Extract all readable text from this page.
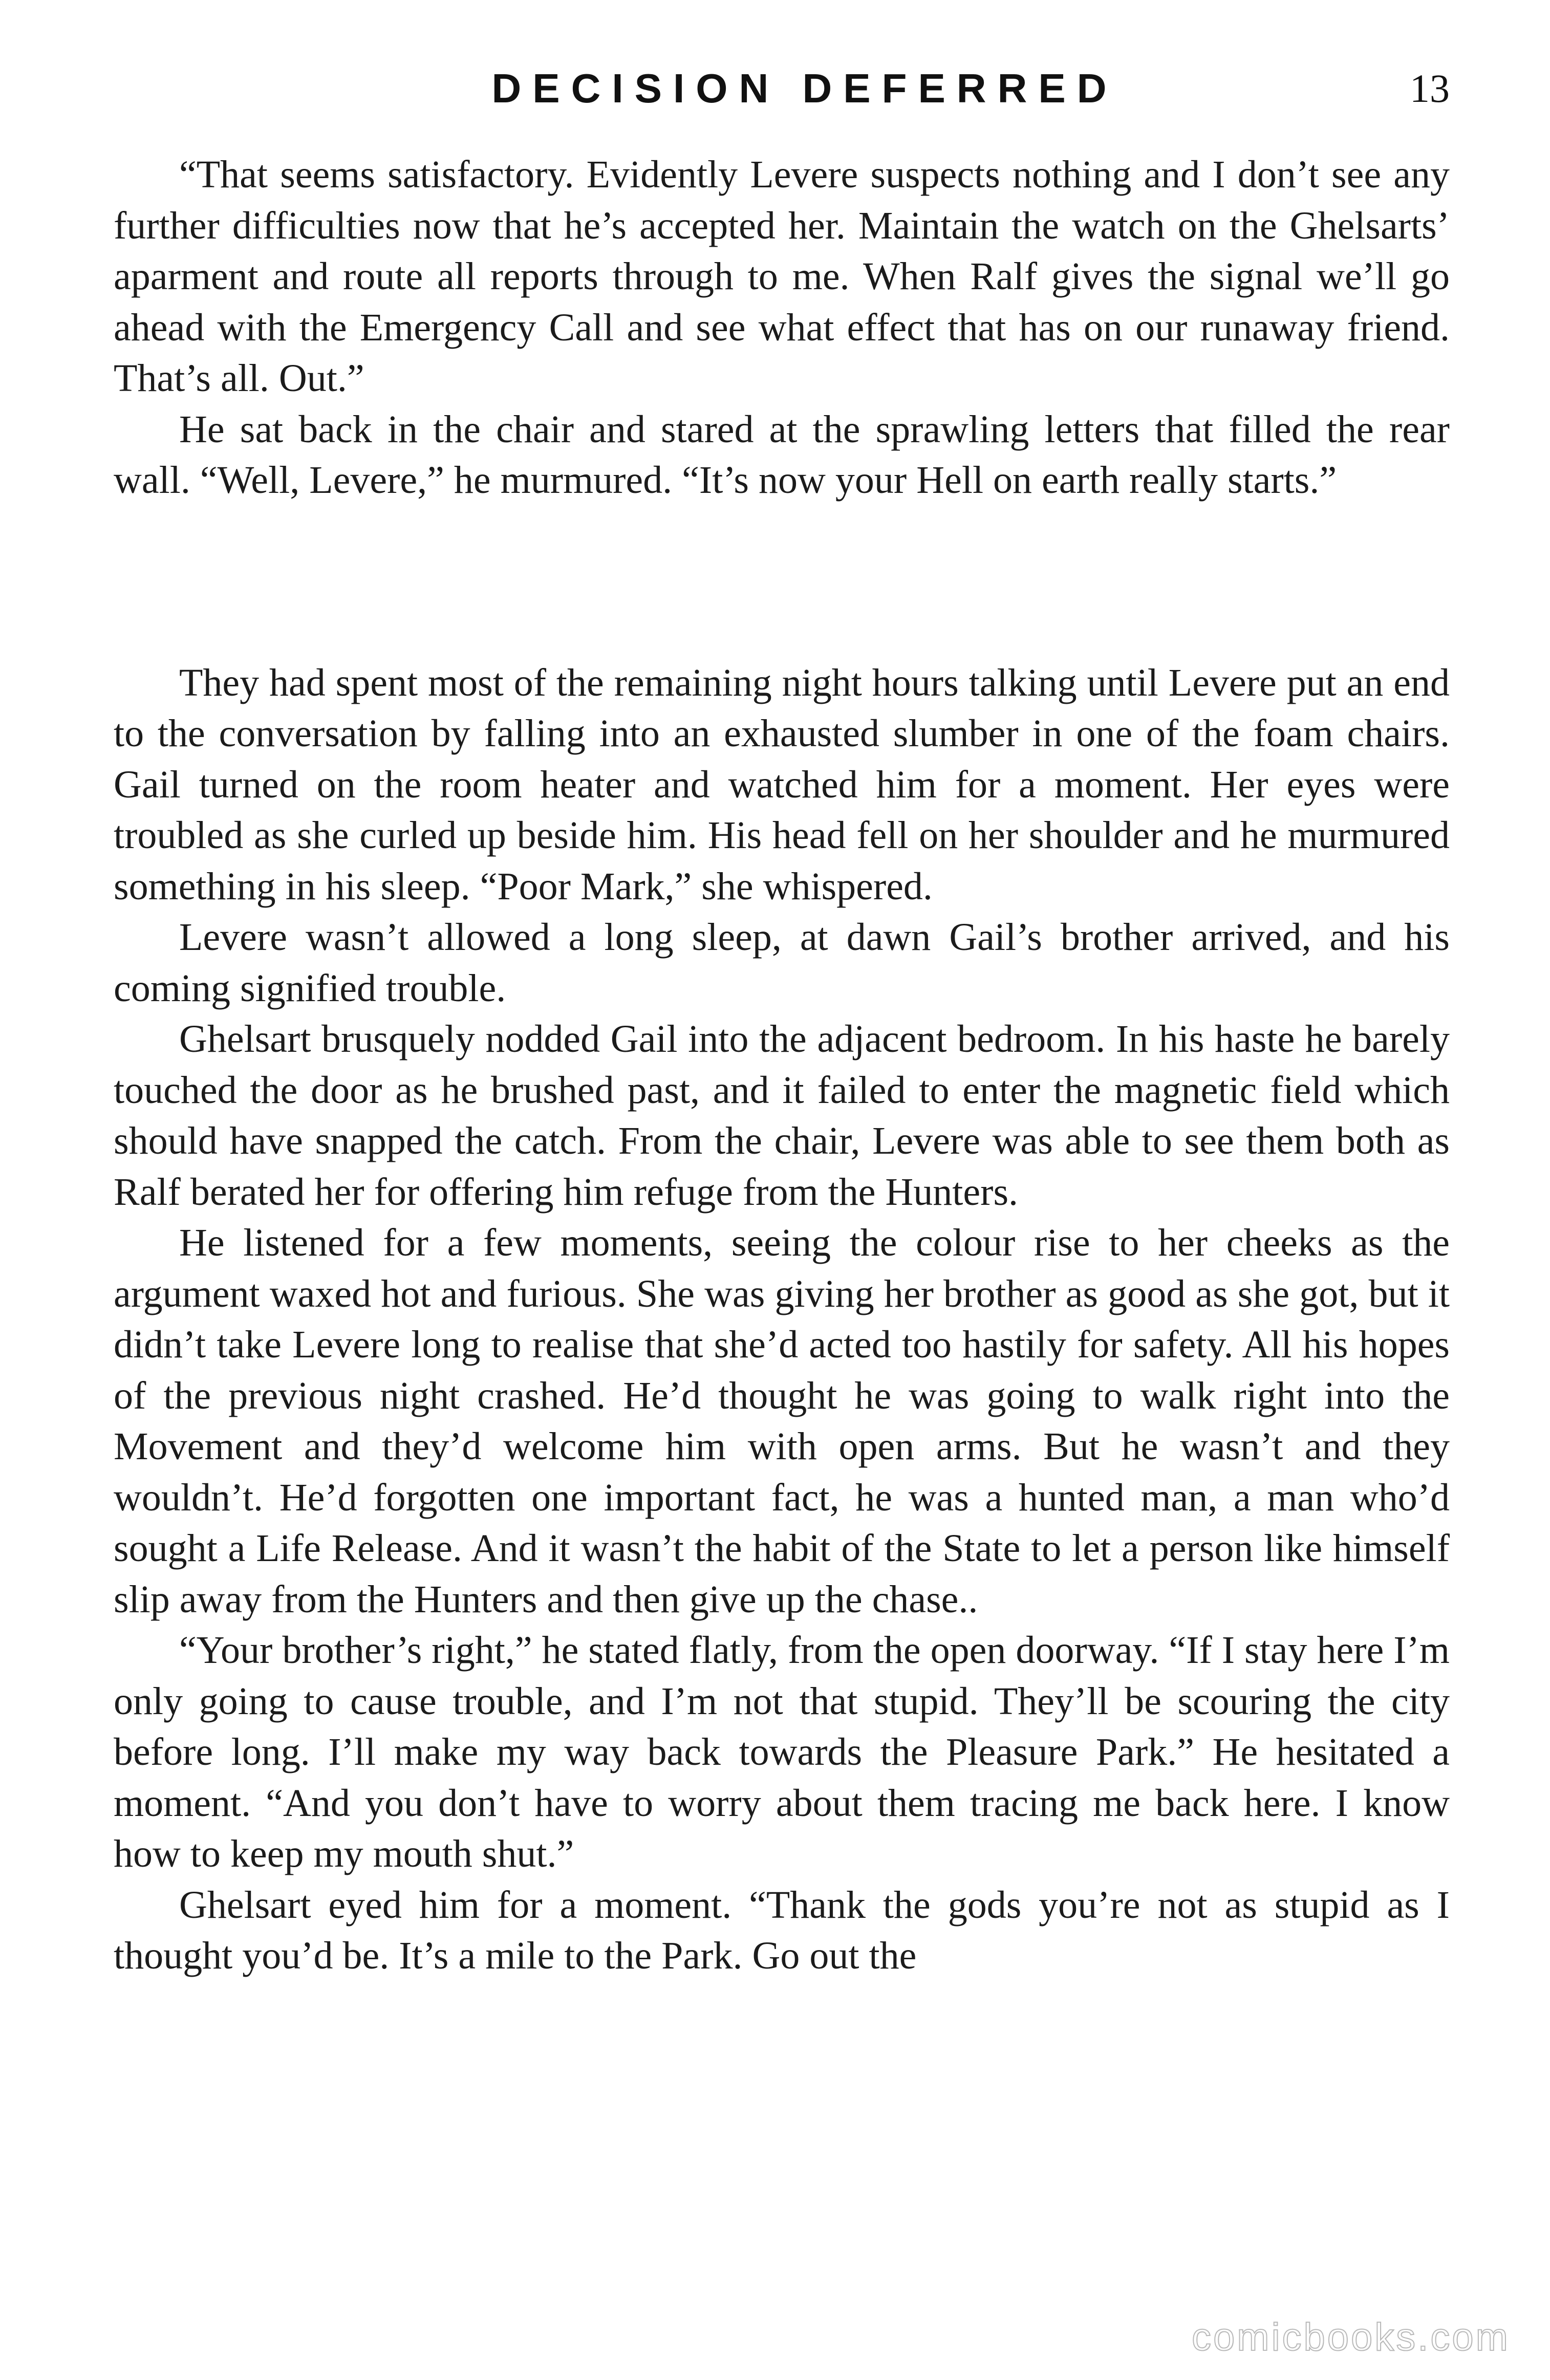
DECISION DEFERRED	13

“That seems satisfactory. Evidently Levere suspects nothing and I don’t see any further difficulties now that he’s accepted her. Maintain the watch on the Ghelsarts’ aparment and route all reports through to me. When Ralf gives the signal we’ll go ahead with the Emergency Call and see what effect that has on our runaway friend. That’s all. Out.”

He sat back in the chair and stared at the sprawling letters that filled the rear wall. “Well, Levere,” he murmured. “It’s now your Hell on earth really starts.”

They had spent most of the remaining night hours talking until Levere put an end to the conversation by falling into an exhausted slumber in one of the foam chairs. Gail turned on the room heater and watched him for a moment. Her eyes were troubled as she curled up beside him. His head fell on her shoulder and he murmured something in his sleep. “Poor Mark,” she whispered.

Levere wasn’t allowed a long sleep, at dawn Gail’s brother arrived, and his coming signified trouble.

Ghelsart brusquely nodded Gail into the adjacent bedroom. In his haste he barely touched the door as he brushed past, and it failed to enter the magnetic field which should have snapped the catch. From the chair, Levere was able to see them both as Ralf berated her for offering him refuge from the Hunters.

He listened for a few moments, seeing the colour rise to her cheeks as the argument waxed hot and furious. She was giving her brother as good as she got, but it didn’t take Levere long to realise that she’d acted too hastily for safety. All his hopes of the previous night crashed. He’d thought he was going to walk right into the Movement and they’d welcome him with open arms. But he wasn’t and they wouldn’t. He’d forgotten one important fact, he was a hunted man, a man who’d sought a Life Release. And it wasn’t the habit of the State to let a person like himself slip away from the Hunters and then give up the chase..

“Your brother’s right,” he stated flatly, from the open doorway. “If I stay here I’m only going to cause trouble, and I’m not that stupid. They’ll be scouring the city before long. I’ll make my way back towards the Pleasure Park.” He hesitated a moment. “And you don’t have to worry about them tracing me back here. I know how to keep my mouth shut.”

Ghelsart eyed him for a moment. “Thank the gods you’re not as stupid as I thought you’d be. It’s a mile to the Park. Go out the

comicbooks.com
